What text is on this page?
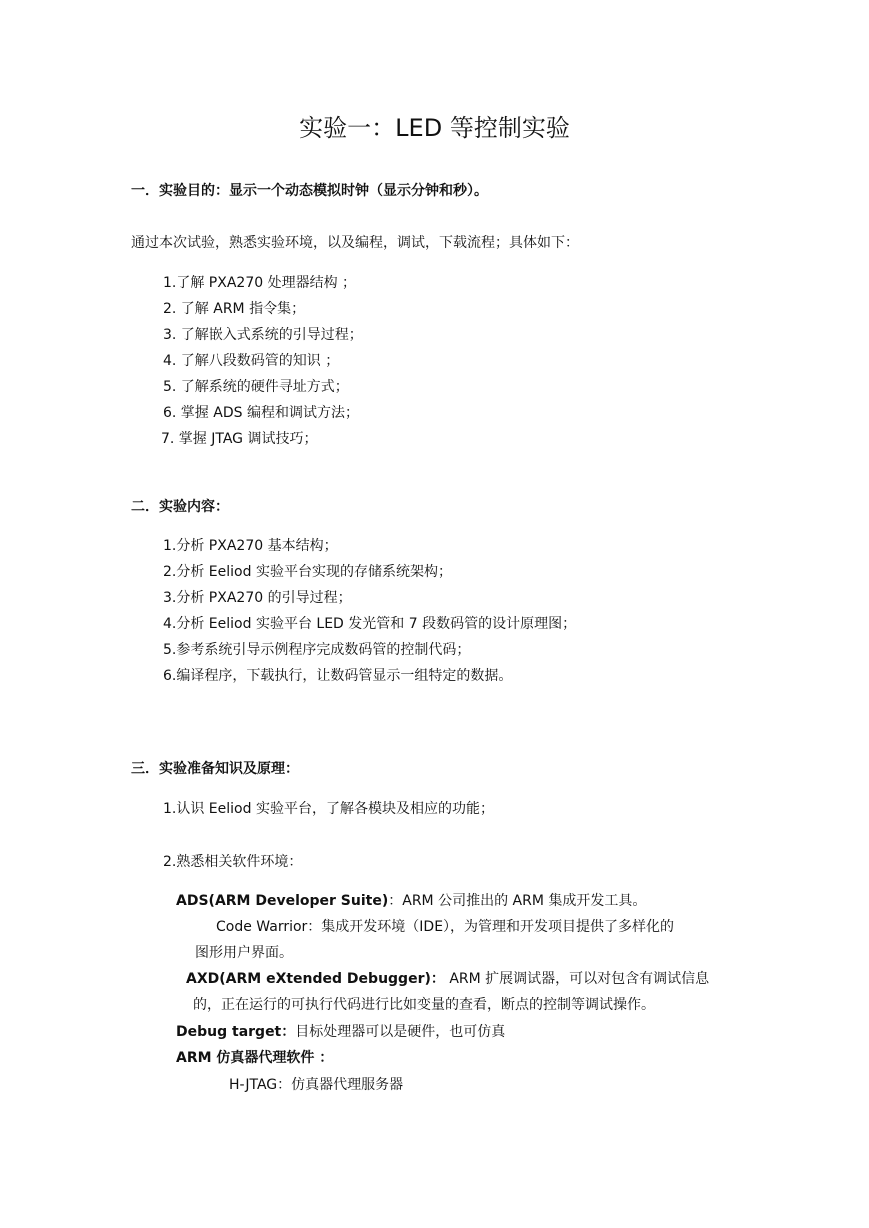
实验一：LED 等控制实验
一．实验目的：显示一个动态模拟时钟（显示分钟和秒）。
通过本次试验，熟悉实验环境，以及编程，调试，下载流程；具体如下：
1.了解 PXA270 处理器结构 ；
2. 了解 ARM 指令集；
3. 了解嵌入式系统的引导过程；
4. 了解八段数码管的知识 ；
5. 了解系统的硬件寻址方式；
6. 掌握 ADS 编程和调试方法；
7. 掌握 JTAG 调试技巧；
二．实验内容：
1.分析 PXA270 基本结构；
2.分析 Eeliod 实验平台实现的存储系统架构；
3.分析 PXA270 的引导过程；
4.分析 Eeliod 实验平台 LED 发光管和 7 段数码管的设计原理图；
5.参考系统引导示例程序完成数码管的控制代码；
6.编译程序，下载执行，让数码管显示一组特定的数据。
三．实验准备知识及原理：
1.认识 Eeliod 实验平台，了解各模块及相应的功能；
2.熟悉相关软件环境：
ADS(ARM Developer Suite)：ARM 公司推出的 ARM 集成开发工具。
Code Warrior：集成开发环境（IDE），为管理和开发项目提供了多样化的
图形用户界面。
AXD(ARM eXtended Debugger)： ARM 扩展调试器，可以对包含有调试信息
的，正在运行的可执行代码进行比如变量的查看，断点的控制等调试操作。
Debug target：目标处理器可以是硬件，也可仿真
ARM 仿真器代理软件 ：
H-JTAG：仿真器代理服务器
